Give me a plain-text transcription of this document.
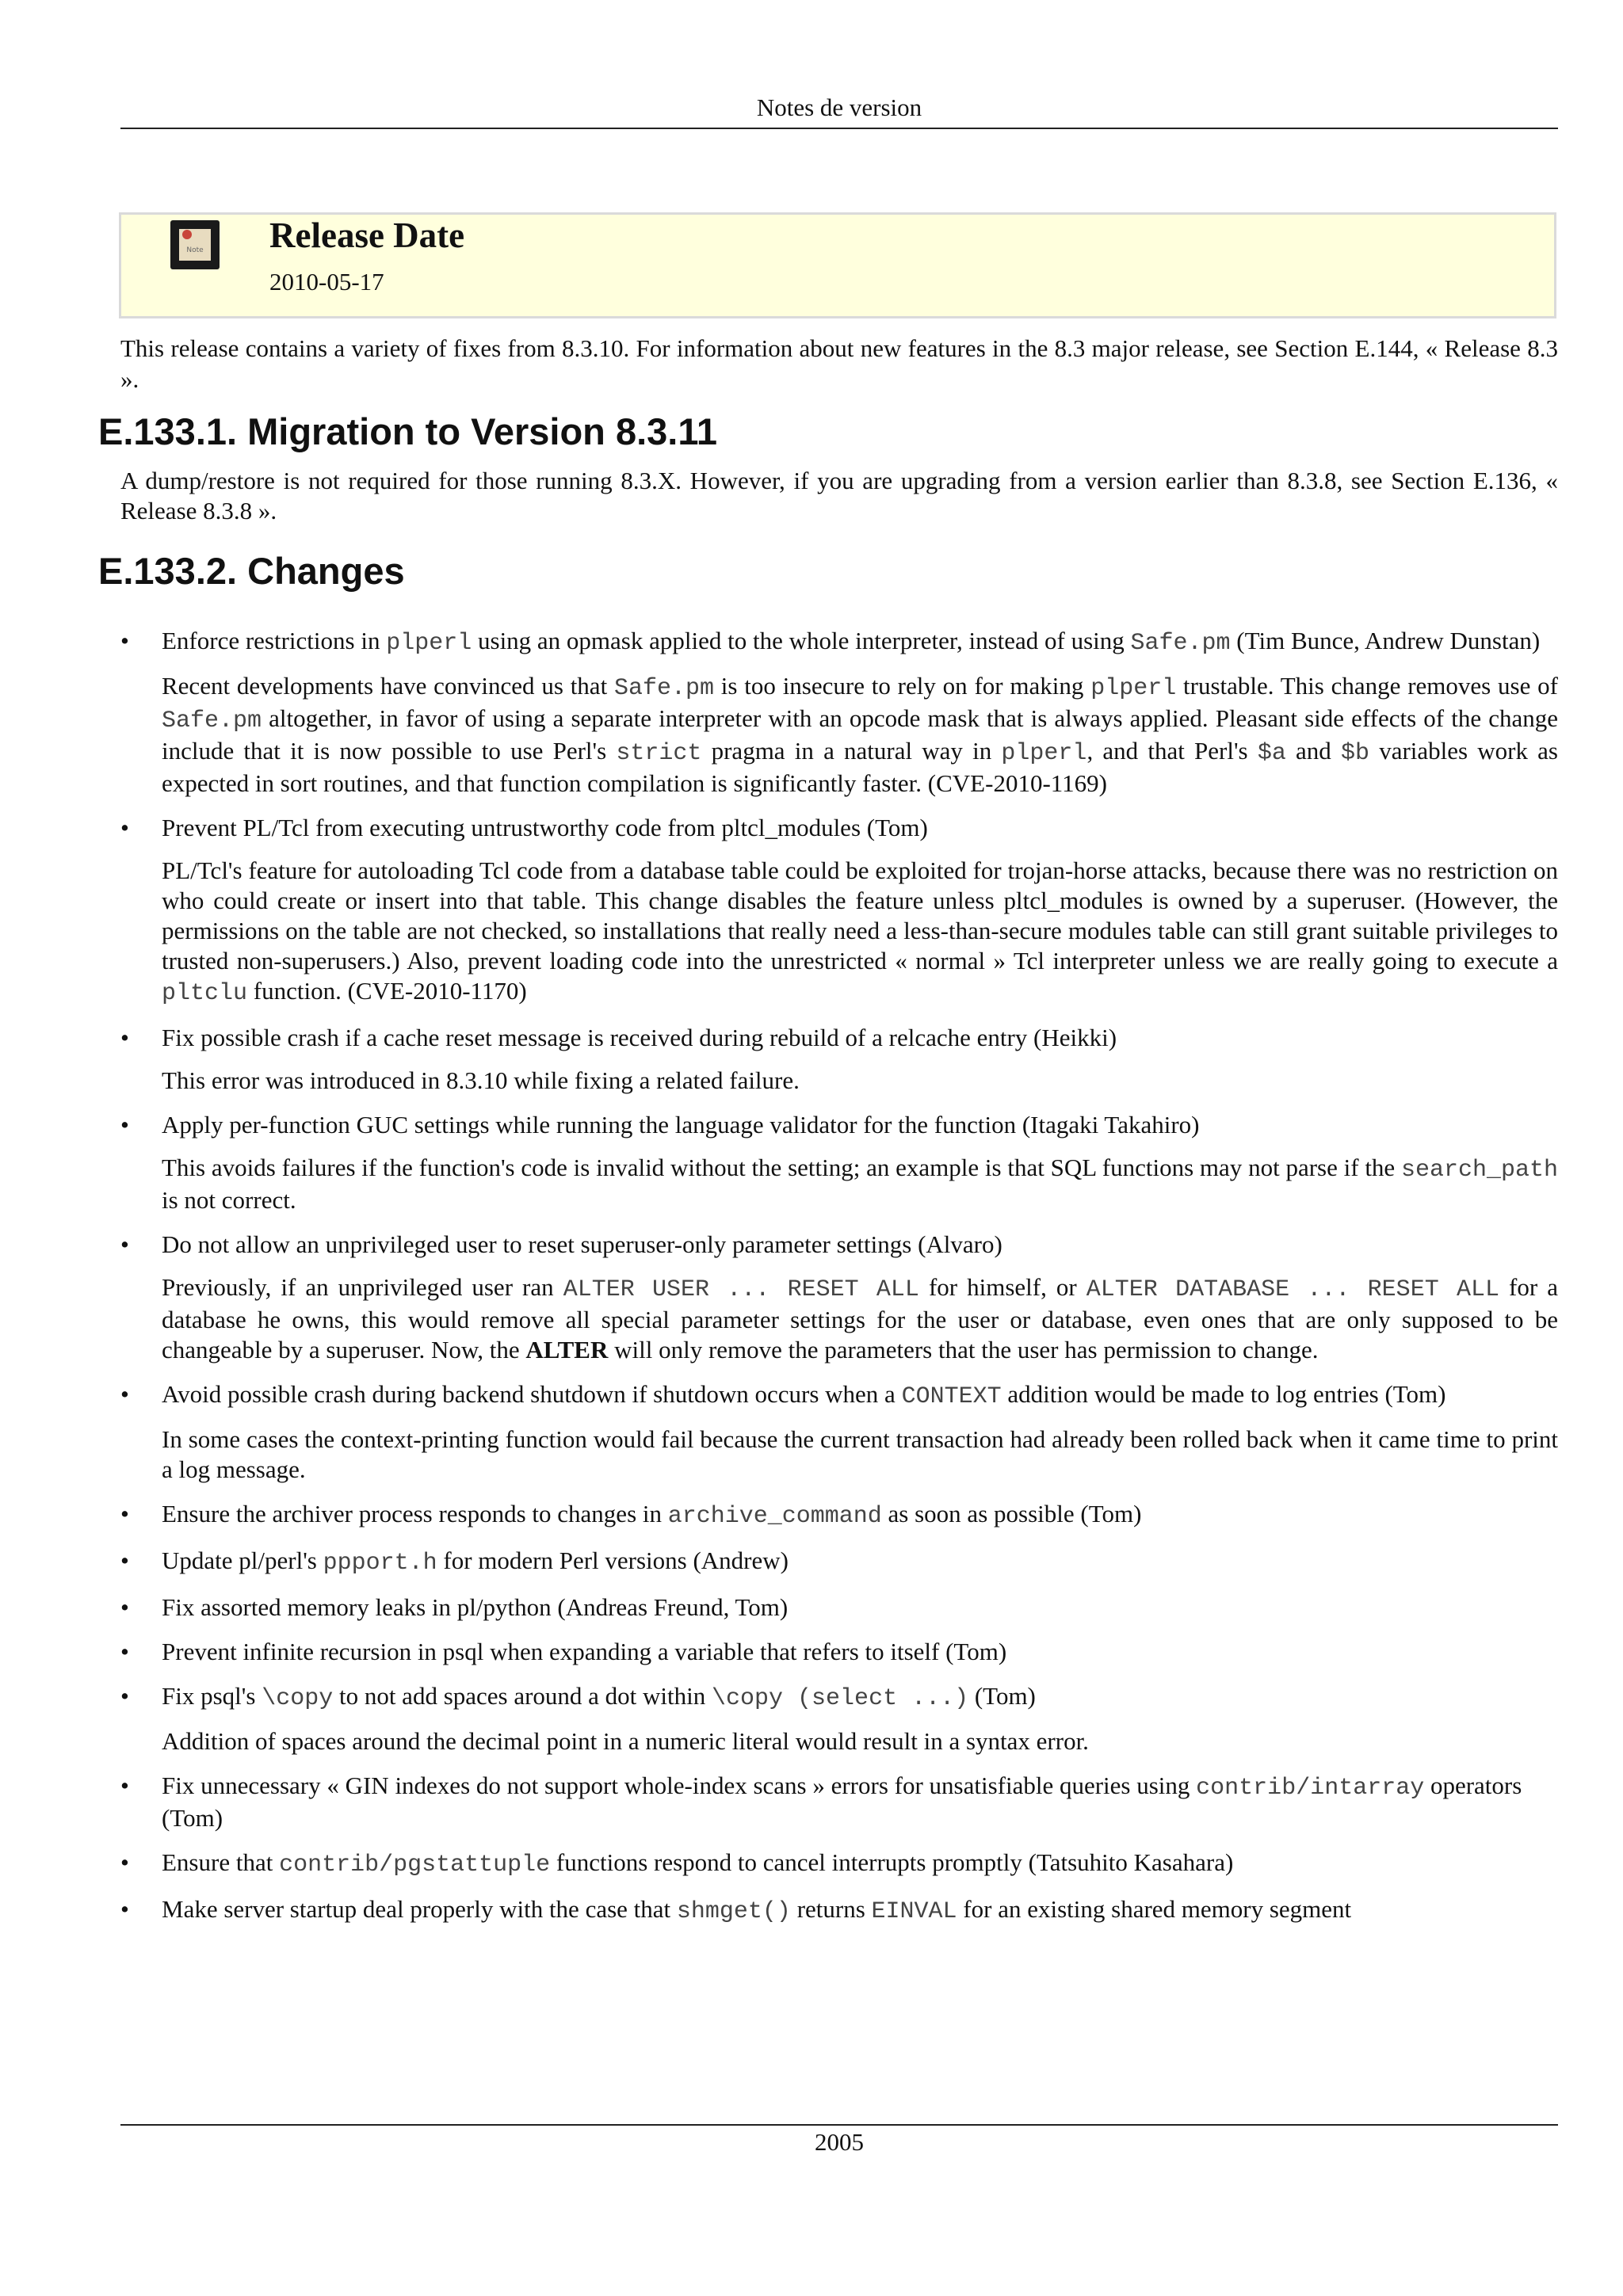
Notes de version
Note Release Date
2010-05-17

This release contains a variety of fixes from 8.3.10. For information about new features in the 8.3 major release, see Section E.144, « Release 8.3 ».

E.133.1. Migration to Version 8.3.11

A dump/restore is not required for those running 8.3.X. However, if you are upgrading from a version earlier than 8.3.8, see Section E.136, « Release 8.3.8 ».

E.133.2. Changes

• Enforce restrictions in plperl using an opmask applied to the whole interpreter, instead of using Safe.pm (Tim Bunce, Andrew Dunstan)

Recent developments have convinced us that Safe.pm is too insecure to rely on for making plperl trustable. This change removes use of Safe.pm altogether, in favor of using a separate interpreter with an opcode mask that is always applied. Pleasant side effects of the change include that it is now possible to use Perl's strict pragma in a natural way in plperl, and that Perl's $a and $b variables work as expected in sort routines, and that function compilation is significantly faster. (CVE-2010-1169)

• Prevent PL/Tcl from executing untrustworthy code from pltcl_modules (Tom)

PL/Tcl's feature for autoloading Tcl code from a database table could be exploited for trojan-horse attacks, because there was no restriction on who could create or insert into that table. This change disables the feature unless pltcl_modules is owned by a superuser. (However, the permissions on the table are not checked, so installations that really need a less-than-secure modules table can still grant suitable privileges to trusted non-superusers.) Also, prevent loading code into the unrestricted « normal » Tcl interpreter unless we are really going to execute a pltclu function. (CVE-2010-1170)

• Fix possible crash if a cache reset message is received during rebuild of a relcache entry (Heikki)

This error was introduced in 8.3.10 while fixing a related failure.

• Apply per-function GUC settings while running the language validator for the function (Itagaki Takahiro)

This avoids failures if the function's code is invalid without the setting; an example is that SQL functions may not parse if the search_path is not correct.

• Do not allow an unprivileged user to reset superuser-only parameter settings (Alvaro)

Previously, if an unprivileged user ran ALTER USER ... RESET ALL for himself, or ALTER DATABASE ... RESET ALL for a database he owns, this would remove all special parameter settings for the user or database, even ones that are only supposed to be changeable by a superuser. Now, the ALTER will only remove the parameters that the user has permission to change.

• Avoid possible crash during backend shutdown if shutdown occurs when a CONTEXT addition would be made to log entries (Tom)

In some cases the context-printing function would fail because the current transaction had already been rolled back when it came time to print a log message.

• Ensure the archiver process responds to changes in archive_command as soon as possible (Tom)

• Update pl/perl's ppport.h for modern Perl versions (Andrew)

• Fix assorted memory leaks in pl/python (Andreas Freund, Tom)

• Prevent infinite recursion in psql when expanding a variable that refers to itself (Tom)

• Fix psql's \copy to not add spaces around a dot within \copy (select ...) (Tom)

Addition of spaces around the decimal point in a numeric literal would result in a syntax error.

• Fix unnecessary « GIN indexes do not support whole-index scans » errors for unsatisfiable queries using contrib/intarray operators (Tom)

• Ensure that contrib/pgstattuple functions respond to cancel interrupts promptly (Tatsuhito Kasahara)

• Make server startup deal properly with the case that shmget() returns EINVAL for an existing shared memory segment

2005
